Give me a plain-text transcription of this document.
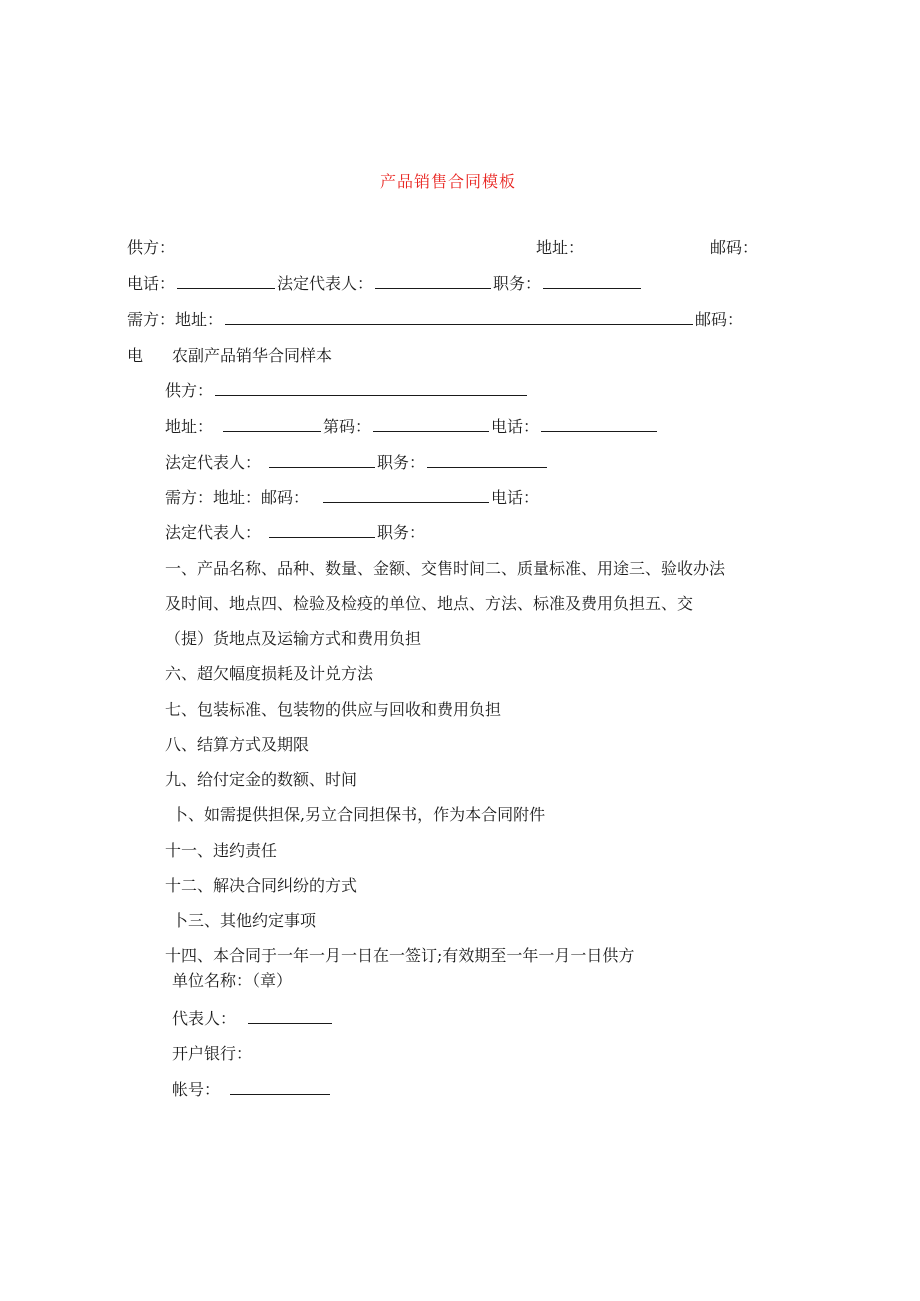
产品销售合同模板
供方：	地址：	邮码：
电话：	法定代表人：	职务：
需方：地址：	邮码：
电 农副产品销华合同样本
供方：
地址：	第码：	电话：
法定代表人：	职务：
需方：地址：邮码：	电话：
法定代表人：	职务：
一、产品名称、品种、数量、金额、交售时间二、质量标准、用途三、验收办法
及时间、地点四、检验及检疫的单位、地点、方法、标准及费用负担五、交
（提）货地点及运输方式和费用负担
六、超欠幅度损耗及计兑方法
七、包装标准、包装物的供应与回收和费用负担
八、结算方式及期限
九、给付定金的数额、时间
卜、如需提供担保,另立合同担保书，作为本合同附件
十一、违约责任
十二、解决合同纠纷的方式
卜三、其他约定事项
十四、本合同于一年一月一日在一签订;有效期至一年一月一日供方
单位名称：（章）
代表人：
开户银行：
帐号：
